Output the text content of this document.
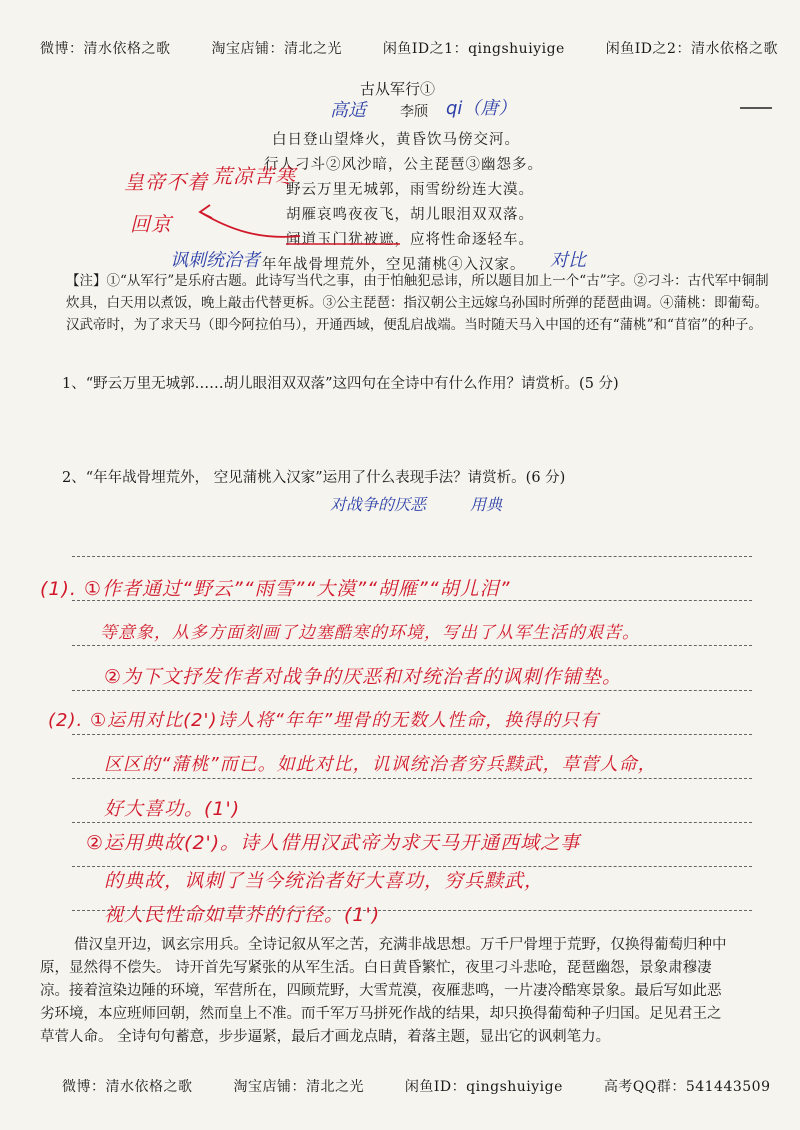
微博：清水依格之歌	淘宝店铺：清北之光	闲鱼ID之1：qingshuiyige	闲鱼ID之2：清水依格之歌
古从军行①
李颀
高适	qi（唐）
白日登山望烽火，黄昏饮马傍交河。
行人刁斗②风沙暗，公主琵琶③幽怨多。
野云万里无城郭，雨雪纷纷连大漠。
胡雁哀鸣夜夜飞，胡儿眼泪双双落。
闻道玉门犹被遮，应将性命逐轻车。
年年战骨埋荒外，空见蒲桃④入汉家。
皇帝不着 荒凉苦寒
回京
讽刺统治者	对比
【注】①“从军行”是乐府古题。此诗写当代之事，由于怕触犯忌讳，所以题目加上一个“古”字。②刁斗：古代军中铜制炊具，白天用以煮饭，晚上敲击代替更柝。③公主琵琶：指汉朝公主远嫁乌孙国时所弹的琵琶曲调。④蒲桃：即葡萄。汉武帝时，为了求天马（即今阿拉伯马），开通西域，便乱启战端。当时随天马入中国的还有“蒲桃”和“苜宿”的种子。
1、“野云万里无城郭……胡儿眼泪双双落”这四句在全诗中有什么作用？请赏析。(5 分)
2、“年年战骨埋荒外， 空见蒲桃入汉家”运用了什么表现手法？请赏析。(6 分)
对战争的厌恶	用典
(1). ①作者通过“野云”“雨雪”“大漠”“胡雁”“胡儿泪”
等意象，从多方面刻画了边塞酷寒的环境，写出了从军生活的艰苦。
②为下文抒发作者对战争的厌恶和对统治者的讽刺作铺垫。
(2). ①运用对比(2')诗人将“年年”埋骨的无数人性命，换得的只有
区区的“蒲桃”而已。如此对比，讥讽统治者穷兵黩武，草菅人命，
好大喜功。(1')
②运用典故(2')。诗人借用汉武帝为求天马开通西域之事
的典故，讽刺了当今统治者好大喜功，穷兵黩武，
视人民性命如草芥的行径。(1')
借汉皇开边，讽玄宗用兵。全诗记叙从军之苦，充满非战思想。万千尸骨埋于荒野，仅换得葡萄归种中原，显然得不偿失。 诗开首先写紧张的从军生活。白日黄昏繁忙，夜里刁斗悲呛，琵琶幽怨，景象肃穆凄凉。接着渲染边陲的环境，军营所在，四顾荒野，大雪荒漠，夜雁悲鸣，一片凄冷酷寒景象。最后写如此恶劣环境，本应班师回朝，然而皇上不准。而千军万马拼死作战的结果，却只换得葡萄种子归国。足见君王之草菅人命。 全诗句句蓄意，步步逼紧，最后才画龙点睛，着落主题，显出它的讽刺笔力。
微博：清水依格之歌	淘宝店铺：清北之光	闲鱼ID：qingshuiyige	高考QQ群：541443509
